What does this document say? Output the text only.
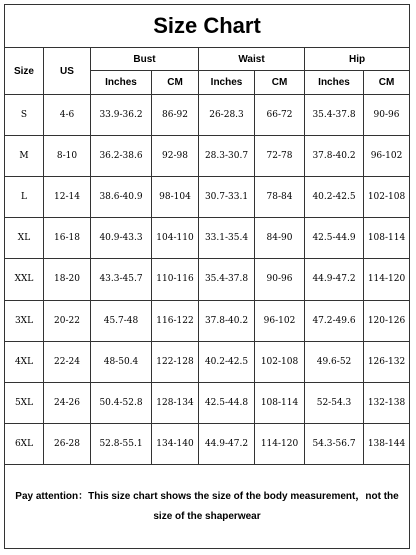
Size Chart
Size	US	Bust		Waist		Hip	
		Inches	CM	Inches	CM	Inches	CM
S	4-6	33.9-36.2	86-92	26-28.3	66-72	35.4-37.8	90-96
M	8-10	36.2-38.6	92-98	28.3-30.7	72-78	37.8-40.2	96-102
L	12-14	38.6-40.9	98-104	30.7-33.1	78-84	40.2-42.5	102-108
XL	16-18	40.9-43.3	104-110	33.1-35.4	84-90	42.5-44.9	108-114
XXL	18-20	43.3-45.7	110-116	35.4-37.8	90-96	44.9-47.2	114-120
3XL	20-22	45.7-48	116-122	37.8-40.2	96-102	47.2-49.6	120-126
4XL	22-24	48-50.4	122-128	40.2-42.5	102-108	49.6-52	126-132
5XL	24-26	50.4-52.8	128-134	42.5-44.8	108-114	52-54.3	132-138
6XL	26-28	52.8-55.1	134-140	44.9-47.2	114-120	54.3-56.7	138-144
Pay attention：This size chart shows the size of the body measurement，not the size of the shaperwear
